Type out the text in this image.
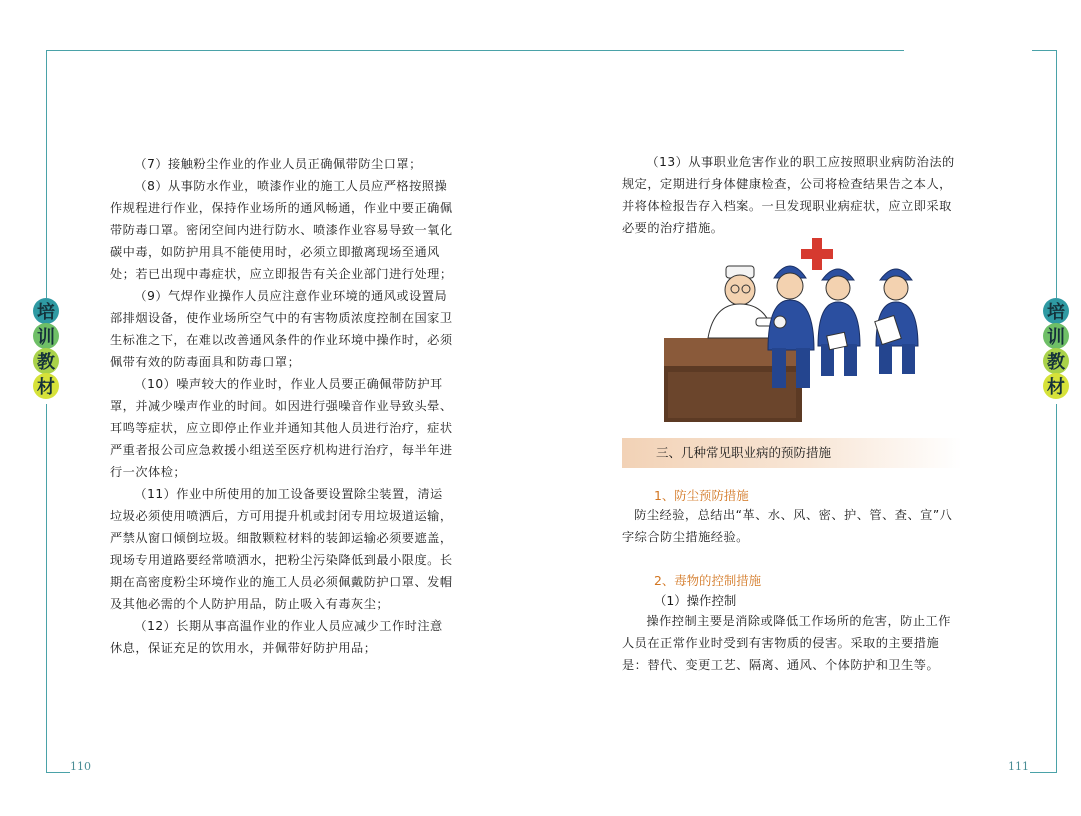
培
训
教
材
培
训
教
材
110	111

（7）接触粉尘作业的作业人员正确佩带防尘口罩；

（8）从事防水作业，喷漆作业的施工人员应严格按照操作规程进行作业，保持作业场所的通风畅通，作业中要正确佩带防毒口罩。密闭空间内进行防水、喷漆作业容易导致一氧化碳中毒，如防护用具不能使用时，必须立即撤离现场至通风处；若已出现中毒症状，应立即报告有关企业部门进行处理；

（9）气焊作业操作人员应注意作业环境的通风或设置局部排烟设备，使作业场所空气中的有害物质浓度控制在国家卫生标准之下，在难以改善通风条件的作业环境中操作时，必须佩带有效的防毒面具和防毒口罩；

（10）噪声较大的作业时，作业人员要正确佩带防护耳罩，并减少噪声作业的时间。如因进行强噪音作业导致头晕、耳鸣等症状，应立即停止作业并通知其他人员进行治疗，症状严重者报公司应急救援小组送至医疗机构进行治疗，每半年进行一次体检；

（11）作业中所使用的加工设备要设置除尘装置，清运垃圾必须使用喷洒后，方可用提升机或封闭专用垃圾道运输，严禁从窗口倾倒垃圾。细散颗粒材料的装卸运输必须要遮盖，现场专用道路要经常喷洒水，把粉尘污染降低到最小限度。长期在高密度粉尘环境作业的施工人员必须佩戴防护口罩、发帽及其他必需的个人防护用品，防止吸入有毒灰尘；

（12）长期从事高温作业的作业人员应减少工作时注意休息，保证充足的饮用水，并佩带好防护用品；

（13）从事职业危害作业的职工应按照职业病防治法的规定，定期进行身体健康检查，公司将检查结果告之本人，并将体检报告存入档案。一旦发现职业病症状，应立即采取必要的治疗措施。

三、几种常见职业病的预防措施
1、防尘预防措施

防尘经验，总结出“革、水、风、密、护、管、查、宣”八字综合防尘措施经验。

2、毒物的控制措施
（1）操作控制

操作控制主要是消除或降低工作场所的危害，防止工作人员在正常作业时受到有害物质的侵害。采取的主要措施是：替代、变更工艺、隔离、通风、个体防护和卫生等。
